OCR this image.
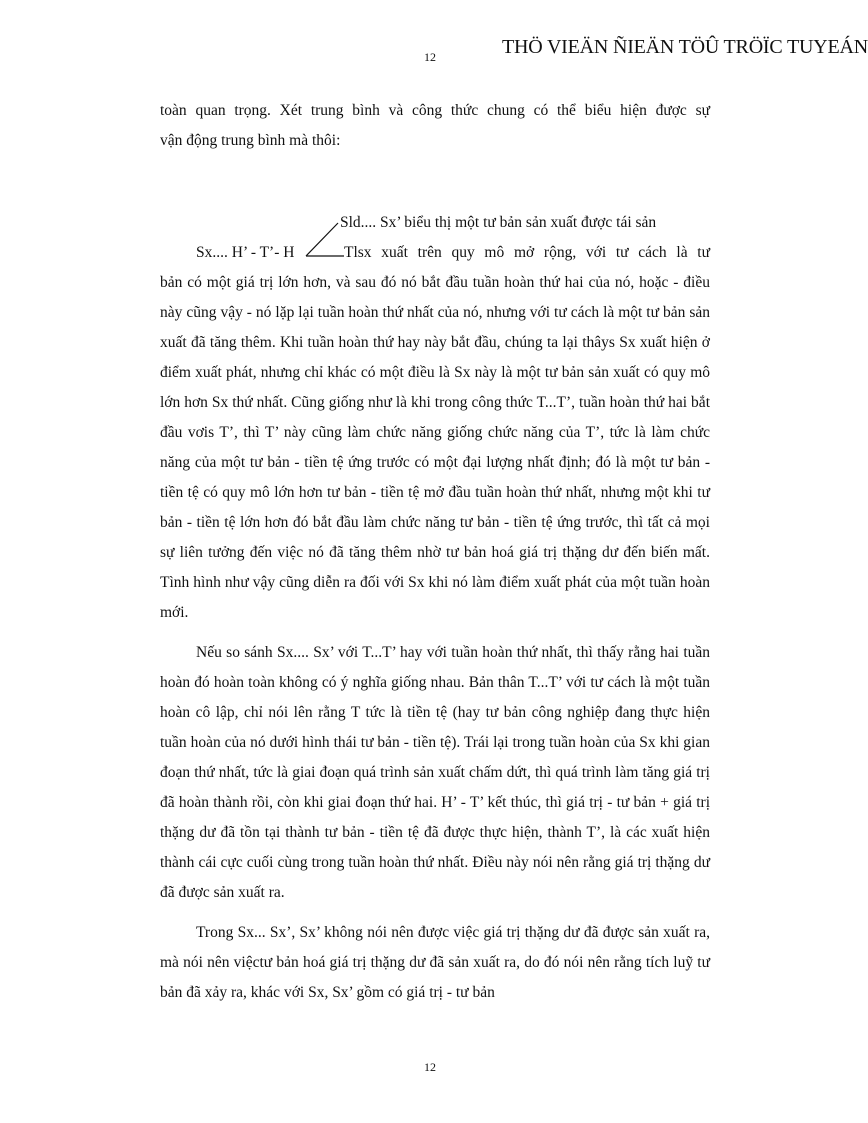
12	THÖ VIEÄN ÑIEÄN TÖÛ TRÖÏC TUYEÁN

toàn quan trọng. Xét trung bình và công thức chung có thể biểu hiện được sự
vận động trung bình mà thôi:

Sld.... Sx’ biểu thị một tư bản sản xuất được tái sản
Sx.... H’ - T’- H	Tlsx xuất trên quy mô mở rộng, với tư cách là tư

bản có một giá trị lớn hơn, và sau đó nó bắt đầu tuần hoàn thứ hai của nó, hoặc - điều này cũng vậy - nó lặp lại tuần hoàn thứ nhất của nó, nhưng với tư cách là một tư bản sản xuất đã tăng thêm. Khi tuần hoàn thứ hay này bắt đầu, chúng ta lại thâys Sx xuất hiện ở điểm xuất phát, nhưng chỉ khác có một điều là Sx này là một tư bản sản xuất có quy mô lớn hơn Sx thứ nhất. Cũng giống như là khi trong công thức T...T’, tuần hoàn thứ hai bắt đầu vơis T’, thì T’ này cũng làm chức năng giống chức năng của T’, tức là làm chức năng của một tư bản - tiền tệ ứng trước có một đại lượng nhất định; đó là một tư bản - tiền tệ có quy mô lớn hơn tư bản - tiền tệ mở đầu tuần hoàn thứ nhất, nhưng một khi tư bản - tiền tệ lớn hơn đó bắt đầu làm chức năng tư bản - tiền tệ ứng trước, thì tất cả mọi sự liên tưởng đến việc nó đã tăng thêm nhờ tư bản hoá giá trị thặng dư đến biến mất. Tình hình như vậy cũng diễn ra đối với Sx khi nó làm điểm xuất phát của một tuần hoàn mới.

Nếu so sánh Sx.... Sx’ với T...T’ hay với tuần hoàn thứ nhất, thì thấy rằng hai tuần hoàn đó hoàn toàn không có ý nghĩa giống nhau. Bản thân T...T’ với tư cách là một tuần hoàn cô lập, chỉ nói lên rằng T tức là tiền tệ (hay tư bản công nghiệp đang thực hiện tuần hoàn của nó dưới hình thái tư bản - tiền tệ). Trái lại trong tuần hoàn của Sx khi gian đoạn thứ nhất, tức là giai đoạn quá trình sản xuất chấm dứt, thì quá trình làm tăng giá trị đã hoàn thành rồi, còn khi giai đoạn thứ hai. H’ - T’ kết thúc, thì giá trị - tư bản + giá trị thặng dư đã tồn tại thành tư bản - tiền tệ đã được thực hiện, thành T’, là các xuất hiện thành cái cực cuối cùng trong tuần hoàn thứ nhất. Điều này nói nên rằng giá trị thặng dư đã được sản xuất ra.

Trong Sx... Sx’, Sx’ không nói nên được việc giá trị thặng dư đã được sản xuất ra, mà nói nên việctư bản hoá giá trị thặng dư đã sản xuất ra, do đó nói nên rằng tích luỹ tư bản đã xảy ra, khác với Sx, Sx’ gồm có giá trị - tư bản

12
